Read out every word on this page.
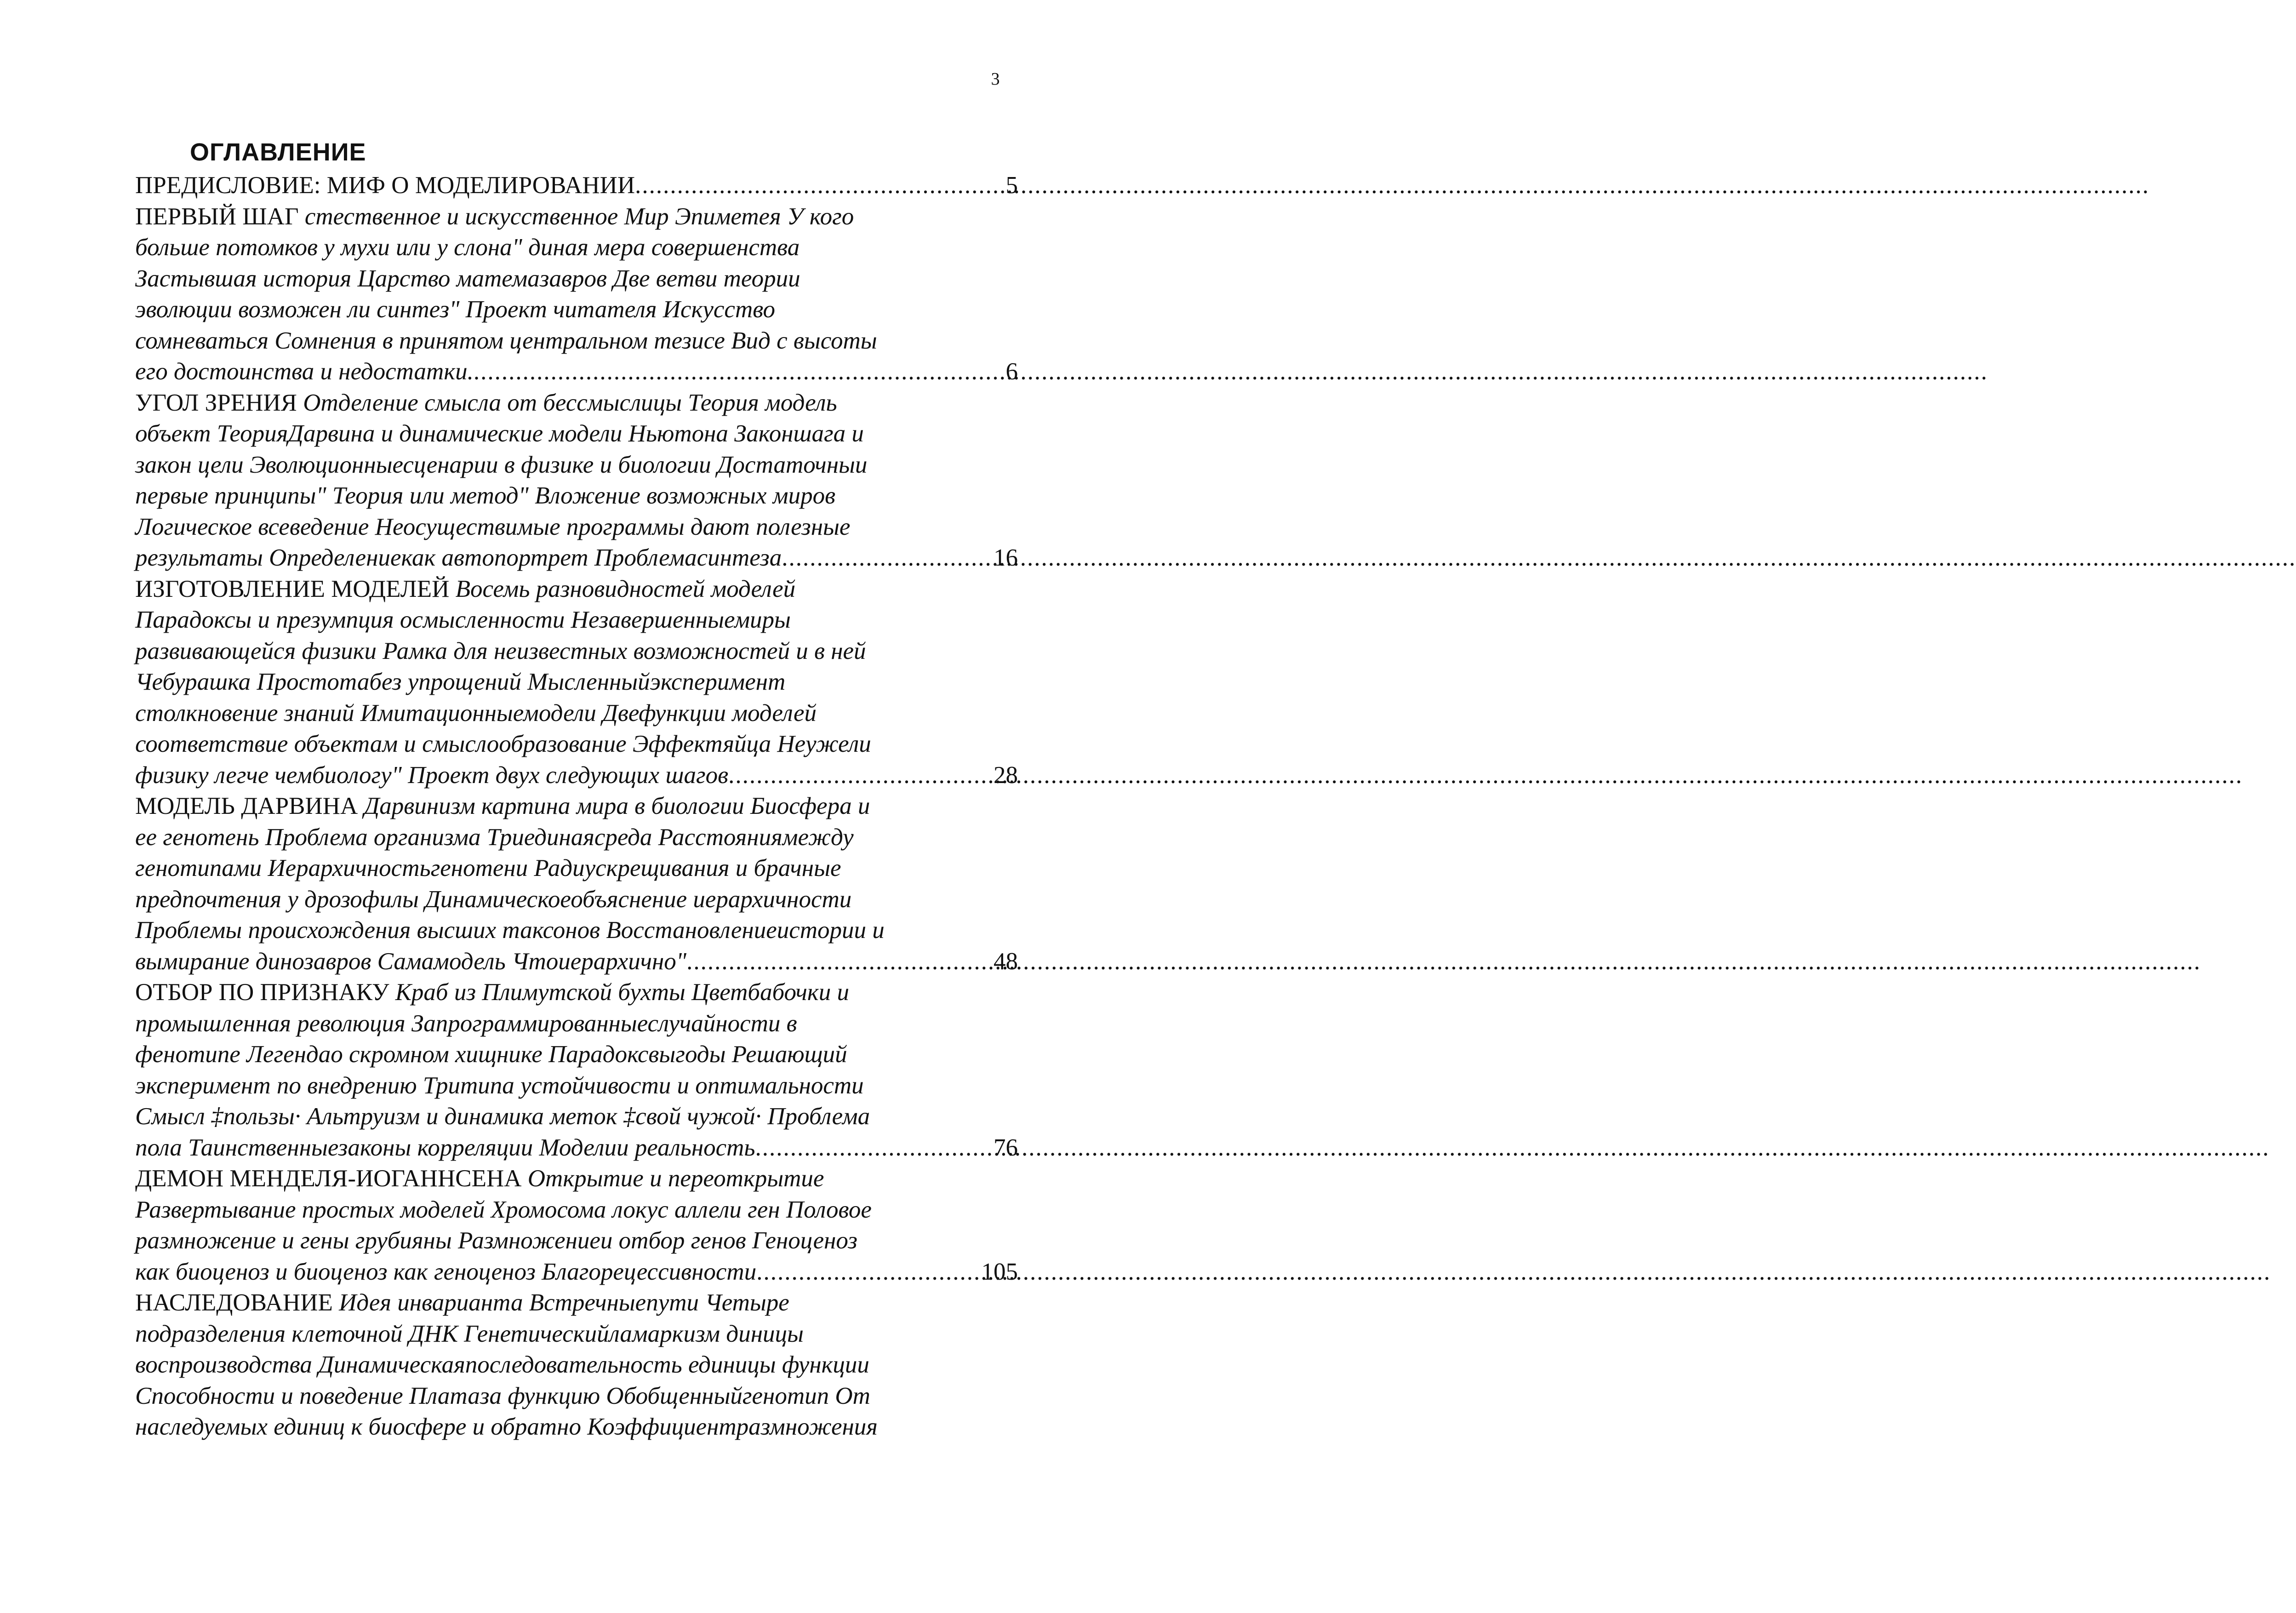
3
ОГЛАВЛЕНИЕ
ПРЕДИСЛОВИЕ: МИФ О МОДЕЛИРОВАНИИ .....	5
ПЕРВЫЙ ШАГ стественное и искусственное Мир Эпиметея У кого
больше потомков у мухи или у слона" диная мера совершенства
Застывшая история Царство матемазавров Две ветви теории
эволюции возможен ли синтез" Проект читателя Искусство
сомневаться Сомнения в принятом центральном тезисе Вид с высоты
его достоинства и недостатки. .....	6
УГОЛ ЗРЕНИЯ Отделение смысла от бессмыслицы Теория модель
объект ТеорияДарвина и динамические модели Ньютона Законшага и
закон цели Эволюционныесценарии в физике и биологии Достаточныи
первые принципы" Теория или метод" Вложение возможных миров
Логическое всеведение Неосуществимые программы дают полезные
результаты Определениекак автопортрет Проблемасинтеза .....	16
ИЗГОТОВЛЕНИЕ МОДЕЛЕЙ Восемь разновидностей моделей
Парадоксы и презумпция осмысленности Незавершенныемиры
развивающейся физики Рамка для неизвестных возможностей и в ней
Чебурашка Простотабез упрощений Мысленныйэксперимент
столкновение знаний Имитационныемодели Двефункции моделей
соответствие объектам и смыслообразование Эффектяйца Неужели
физику легче чембиологу" Проект двух следующих шагов .....	28
МОДЕЛЬ ДАРВИНА Дарвинизм картина мира в биологии Биосфера и
ее генотень Проблема организма Триединаясреда Расстояниямежду
генотипами Иерархичностьгенотени Радиускрещивания и брачные
предпочтения у дрозофилы Динамическоеобъяснение иерархичности
Проблемы происхождения высших таксонов Восстановлениеистории и
вымирание динозавров Самамодель Чтоиерархично" .....	48
ОТБОР ПО ПРИЗНАКУ Краб из Плимутской бухты Цветбабочки и
промышленная революция Запрограммированныеслучайности в
фенотипе Легендао скромном хищнике Парадоксвыгоды Решающий
эксперимент по внедрению Тритипа устойчивости и оптимальности
Смысл ‡пользы· Альтруизм и динамика меток ‡свой чужой· Проблема
пола Таинственныезаконы корреляции Моделии реальность .....	76
ДЕМОН МЕНДЕЛЯ-ИОГАННСЕНА Открытие и переоткрытие
Развертывание простых моделей Хромосома локус аллели ген Половое
размножение и гены грубияны Размножениеи отбор генов Геноценоз
как биоценоз и биоценоз как геноценоз Благорецессивности .....	105
НАСЛЕДОВАНИЕ Идея инварианта Встречныепути Четыре
подразделения клеточной ДНК Генетическийламаркизм диницы
воспроизводства Динамическаяпоследовательность единицы функции
Способности и поведение Платаза функцию Обобщенныйгенотип От
наследуемых единиц к биосфере и обратно Коэффициентразмножения
